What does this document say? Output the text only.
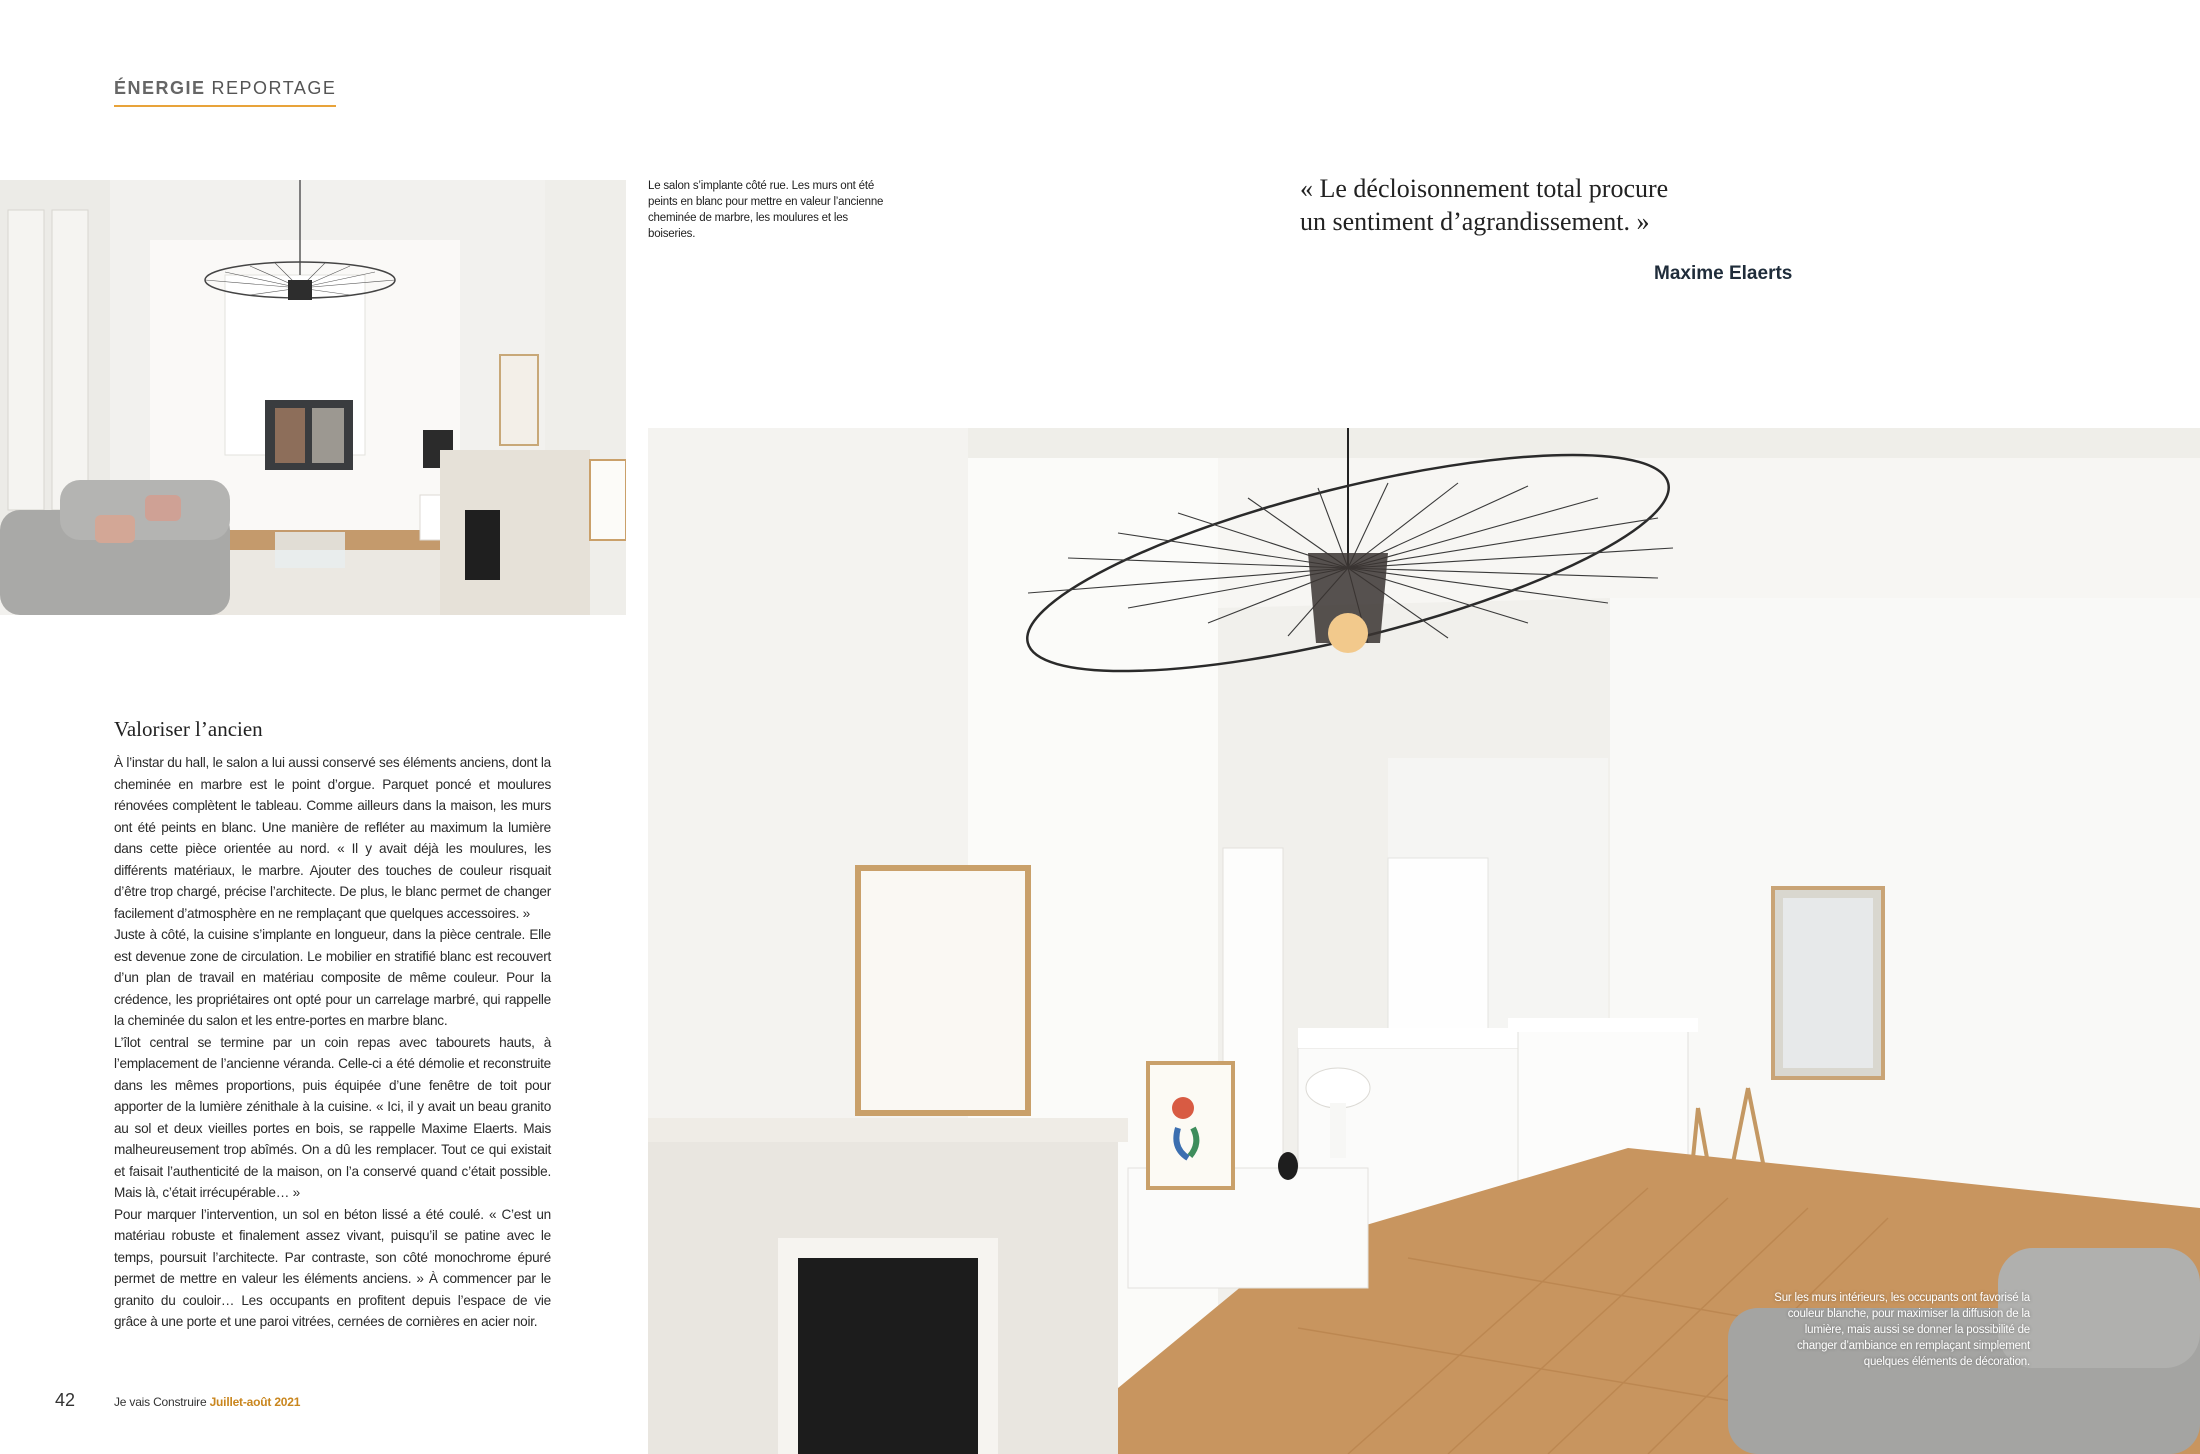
ÉNERGIE REPORTAGE
Le salon s’implante côté rue. Les murs ont été peints en blanc pour mettre en valeur l’ancienne cheminée de marbre, les moulures et les boiseries.
« Le décloisonnement total procure
un sentiment d’agrandissement. »
Maxime Elaerts
Sur les murs intérieurs, les occupants ont favorisé la couleur blanche, pour maximiser la diffusion de la lumière, mais aussi se donner la possibilité de changer d’ambiance en remplaçant simplement quelques éléments de décoration.
Valoriser l’ancien

À l’instar du hall, le salon a lui aussi conservé ses éléments anciens, dont la cheminée en marbre est le point d’orgue. Parquet poncé et moulures rénovées complètent le tableau. Comme ailleurs dans la maison, les murs ont été peints en blanc. Une manière de refléter au maximum la lumière dans cette pièce orientée au nord. « Il y avait déjà les moulures, les différents matériaux, le marbre. Ajouter des touches de couleur risquait d’être trop chargé, précise l’architecte. De plus, le blanc permet de changer facilement d’atmosphère en ne remplaçant que quelques accessoires. »

Juste à côté, la cuisine s’implante en longueur, dans la pièce centrale. Elle est devenue zone de circulation. Le mobilier en stratifié blanc est recouvert d’un plan de travail en matériau composite de même couleur. Pour la crédence, les propriétaires ont opté pour un carrelage marbré, qui rappelle la cheminée du salon et les entre-portes en marbre blanc.

L’îlot central se termine par un coin repas avec tabourets hauts, à l’emplacement de l’ancienne véranda. Celle-ci a été démolie et reconstruite dans les mêmes proportions, puis équipée d’une fenêtre de toit pour apporter de la lumière zénithale à la cuisine. « Ici, il y avait un beau granito au sol et deux vieilles portes en bois, se rappelle Maxime Elaerts. Mais malheureusement trop abîmés. On a dû les remplacer. Tout ce qui existait et faisait l’authenticité de la maison, on l’a conservé quand c’était possible. Mais là, c’était irrécupérable… »

Pour marquer l’intervention, un sol en béton lissé a été coulé. « C’est un matériau robuste et finalement assez vivant, puisqu’il se patine avec le temps, poursuit l’architecte. Par contraste, son côté monochrome épuré permet de mettre en valeur les éléments anciens. » À commencer par le granito du couloir… Les occupants en profitent depuis l’espace de vie grâce à une porte et une paroi vitrées, cernées de cornières en acier noir.

42	Je vais Construire Juillet-août 2021
